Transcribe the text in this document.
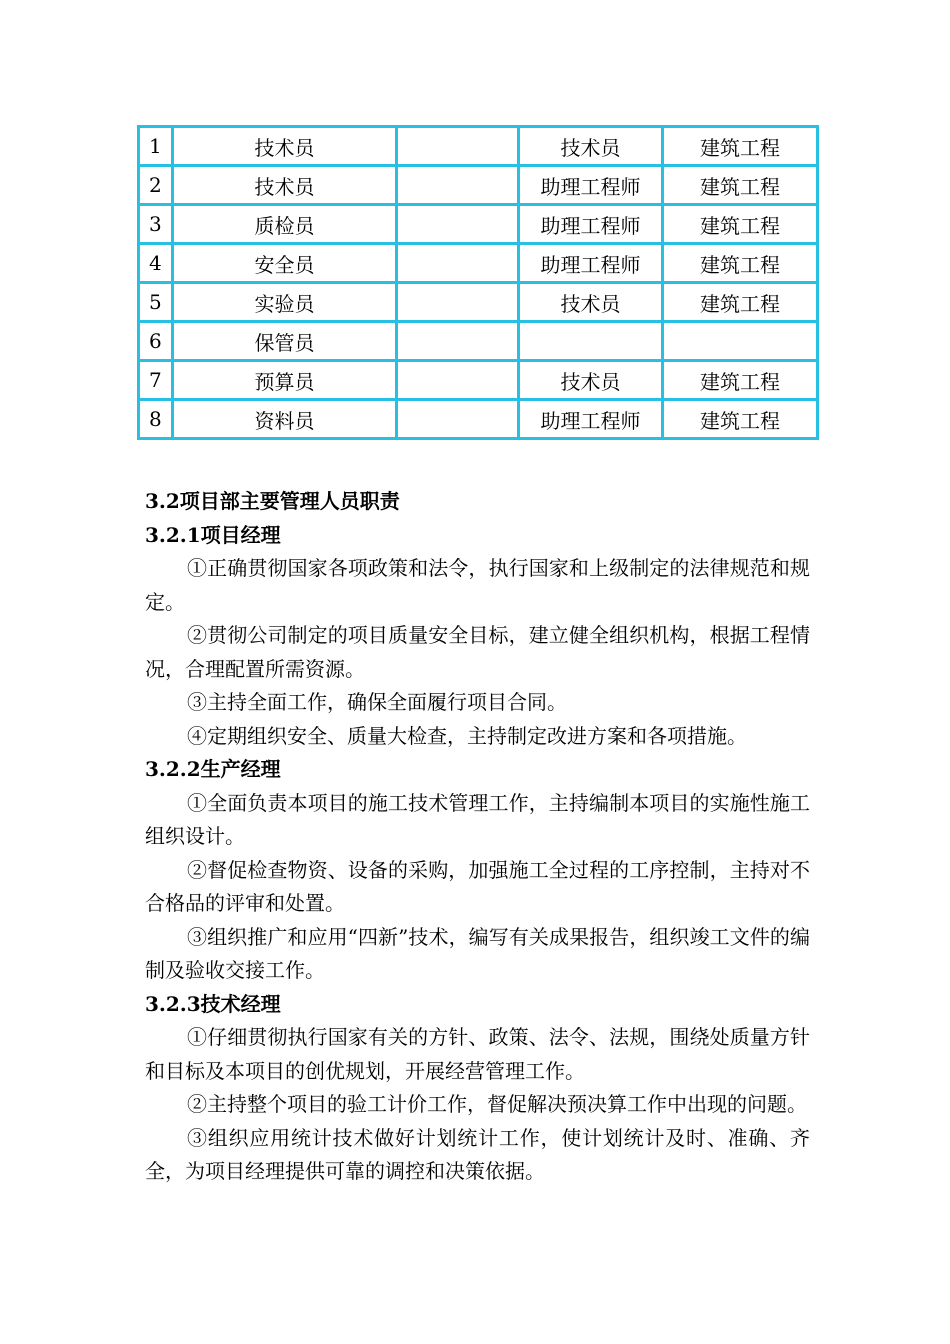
1	技术员		技术员	建筑工程
2	技术员		助理工程师	建筑工程
3	质检员		助理工程师	建筑工程
4	安全员		助理工程师	建筑工程
5	实验员		技术员	建筑工程
6	保管员			
7	预算员		技术员	建筑工程
8	资料员		助理工程师	建筑工程

3.2项目部主要管理人员职责

3.2.1项目经理

①正确贯彻国家各项政策和法令，执行国家和上级制定的法律规范和规定。

②贯彻公司制定的项目质量安全目标，建立健全组织机构，根据工程情况，合理配置所需资源。

③主持全面工作，确保全面履行项目合同。

④定期组织安全、质量大检查，主持制定改进方案和各项措施。

3.2.2生产经理

①全面负责本项目的施工技术管理工作，主持编制本项目的实施性施工组织设计。

②督促检查物资、设备的采购，加强施工全过程的工序控制，主持对不合格品的评审和处置。

③组织推广和应用“四新”技术，编写有关成果报告，组织竣工文件的编制及验收交接工作。

3.2.3技术经理

①仔细贯彻执行国家有关的方针、政策、法令、法规，围绕处质量方针和目标及本项目的创优规划，开展经营管理工作。

②主持整个项目的验工计价工作，督促解决预决算工作中出现的问题。

③组织应用统计技术做好计划统计工作，使计划统计及时、准确、齐全，为项目经理提供可靠的调控和决策依据。
